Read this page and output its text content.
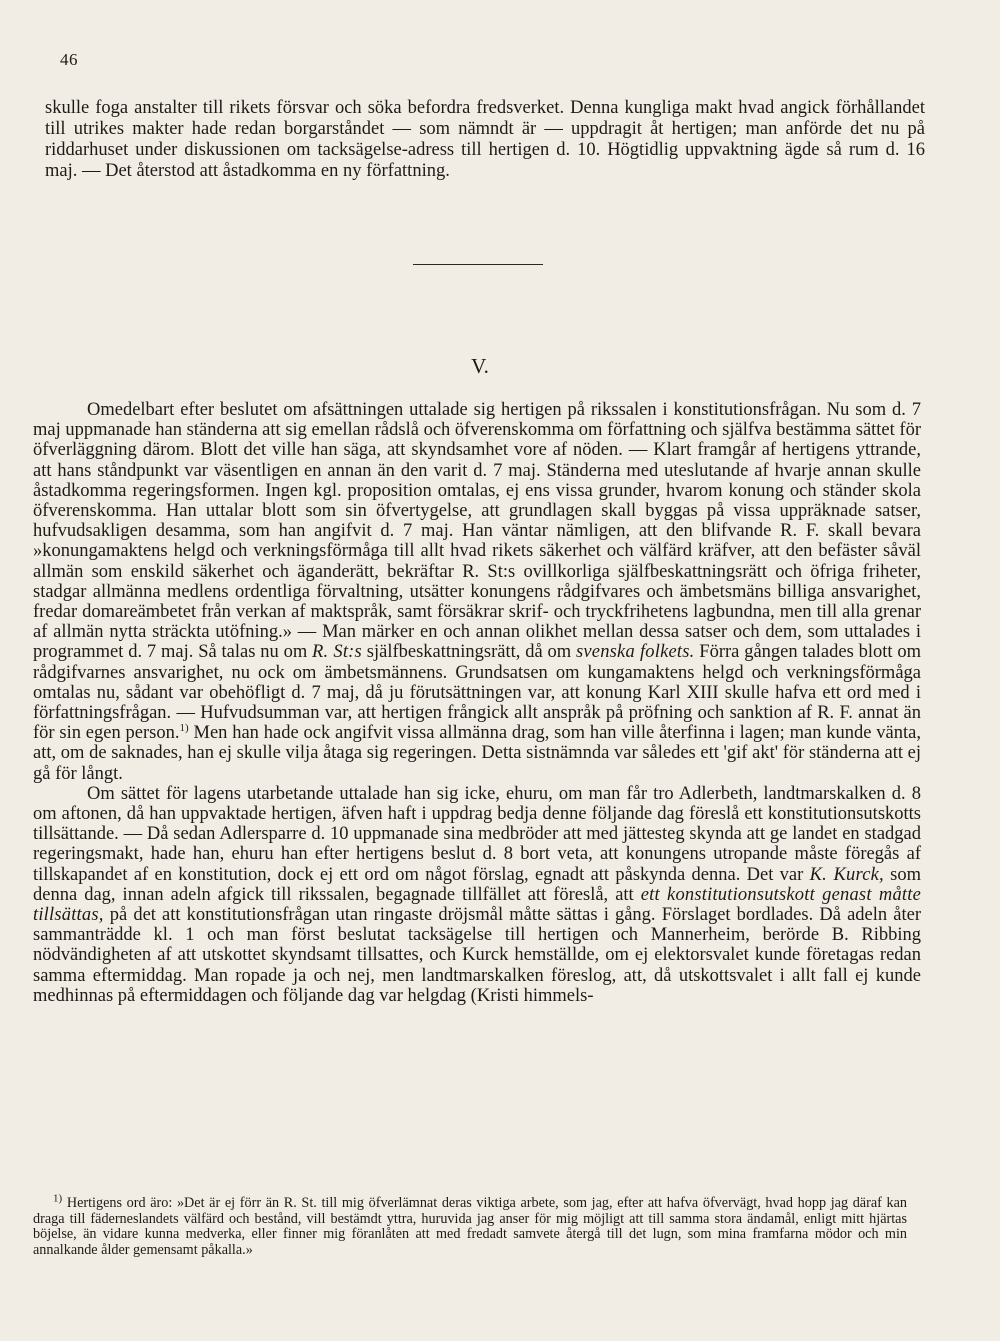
46

skulle foga anstalter till rikets försvar och söka befordra fredsverket. Denna kungliga makt hvad angick förhållandet till utrikes makter hade redan borgarståndet — som nämndt är — uppdragit åt hertigen; man anförde det nu på riddarhuset under diskussionen om tacksägelse-adress till hertigen d. 10. Högtidlig uppvaktning ägde så rum d. 16 maj. — Det återstod att åstadkomma en ny författning.

V.

Omedelbart efter beslutet om afsättningen uttalade sig hertigen på rikssalen i konstitutionsfrågan. Nu som d. 7 maj uppmanade han ständerna att sig emellan rådslå och öfverenskomma om författning och själfva bestämma sättet för öfverläggning därom. Blott det ville han säga, att skyndsamhet vore af nöden. — Klart framgår af hertigens yttrande, att hans ståndpunkt var väsentligen en annan än den varit d. 7 maj. Ständerna med uteslutande af hvarje annan skulle åstadkomma regeringsformen. Ingen kgl. proposition omtalas, ej ens vissa grunder, hvarom konung och ständer skola öfverenskomma. Han uttalar blott som sin öfvertygelse, att grundlagen skall byggas på vissa uppräknade satser, hufvudsakligen desamma, som han angifvit d. 7 maj. Han väntar nämligen, att den blifvande R. F. skall bevara »konungamaktens helgd och verkningsförmåga till allt hvad rikets säkerhet och välfärd kräfver, att den befäster såväl allmän som enskild säkerhet och äganderätt, bekräftar R. St:s ovillkorliga själfbeskattningsrätt och öfriga friheter, stadgar allmänna medlens ordentliga förvaltning, utsätter konungens rådgifvares och ämbetsmäns billiga ansvarighet, fredar domareämbetet från verkan af maktspråk, samt försäkrar skrif- och tryckfrihetens lagbundna, men till alla grenar af allmän nytta sträckta utöfning.» — Man märker en och annan olikhet mellan dessa satser och dem, som uttalades i programmet d. 7 maj. Så talas nu om R. St:s själfbeskattningsrätt, då om svenska folkets. Förra gången talades blott om rådgifvarnes ansvarighet, nu ock om ämbetsmännens. Grundsatsen om kungamaktens helgd och verkningsförmåga omtalas nu, sådant var obehöfligt d. 7 maj, då ju förutsättningen var, att konung Karl XIII skulle hafva ett ord med i författningsfrågan. — Hufvudsumman var, att hertigen frångick allt anspråk på pröfning och sanktion af R. F. annat än för sin egen person.$^{1)}$ Men han hade ock angifvit vissa allmänna drag, som han ville återfinna i lagen; man kunde vänta, att, om de saknades, han ej skulle vilja åtaga sig regeringen. Detta sistnämnda var således ett 'gif akt' för ständerna att ej gå för långt.

Om sättet för lagens utarbetande uttalade han sig icke, ehuru, om man får tro Adlerbeth, landtmarskalken d. 8 om aftonen, då han uppvaktade hertigen, äfven haft i uppdrag bedja denne följande dag föreslå ett konstitutionsutskotts tillsättande. — Då sedan Adlersparre d. 10 uppmanade sina medbröder att med jättesteg skynda att ge landet en stadgad regeringsmakt, hade han, ehuru han efter hertigens beslut d. 8 bort veta, att konungens utropande måste föregås af tillskapandet af en konstitution, dock ej ett ord om något förslag, egnadt att påskynda denna. Det var K. Kurck, som denna dag, innan adeln afgick till rikssalen, begagnade tillfället att föreslå, att ett konstitutionsutskott genast måtte tillsättas, på det att konstitutionsfrågan utan ringaste dröjsmål måtte sättas i gång. Förslaget bordlades. Då adeln åter sammanträdde kl. 1 och man först beslutat tacksägelse till hertigen och Mannerheim, berörde B. Ribbing nödvändigheten af att utskottet skyndsamt tillsattes, och Kurck hemställde, om ej elektorsvalet kunde företagas redan samma eftermiddag. Man ropade ja och nej, men landtmarskalken föreslog, att, då utskottsvalet i allt fall ej kunde medhinnas på eftermiddagen och följande dag var helgdag (Kristi himmels-

$^{1)}$ Hertigens ord äro: »Det är ej förr än R. St. till mig öfverlämnat deras viktiga arbete, som jag, efter att hafva öfvervägt, hvad hopp jag däraf kan draga till fäderneslandets välfärd och bestånd, vill bestämdt yttra, huruvida jag anser för mig möjligt att till samma stora ändamål, enligt mitt hjärtas böjelse, än vidare kunna medverka, eller finner mig föranlåten att med fredadt samvete återgå till det lugn, som mina framfarna mödor och min annalkande ålder gemensamt påkalla.»
